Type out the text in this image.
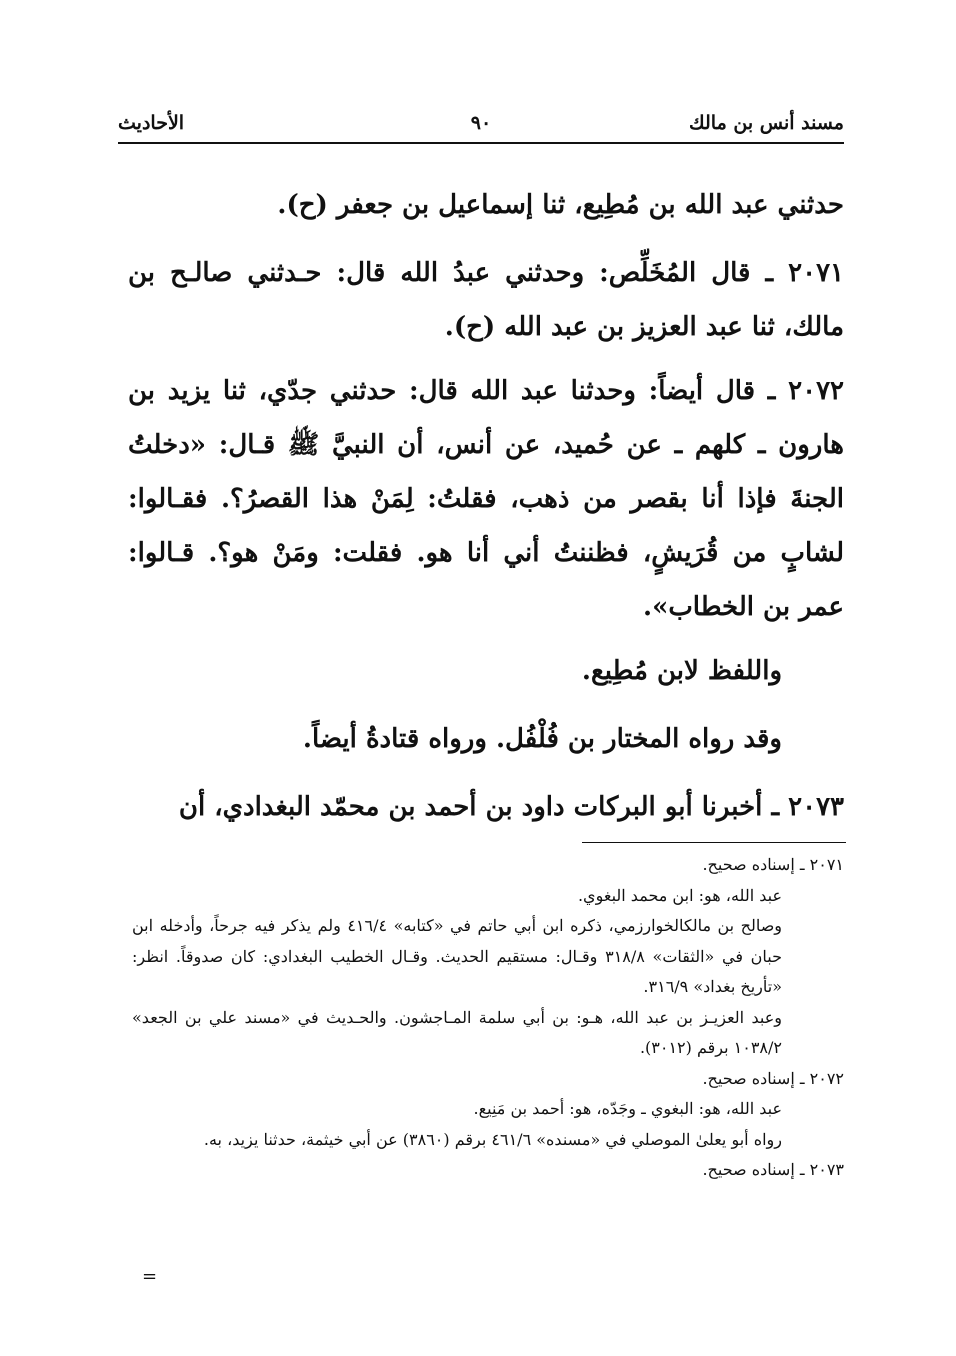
مسند أنس بن مالك
٩٠
الأحاديث

حدثني عبد الله بن مُطِيع، ثنا إسماعيل بن جعفر (ح).

٢٠٧١ ـ قال المُخَلِّص: وحدثني عبدُ الله قال: حـدثني صالـح بن مالك، ثنا عبد العزيز بن عبد الله (ح).

٢٠٧٢ ـ قال أيضاً: وحدثنا عبد الله قال: حدثني جدّي، ثنا يزيد بن هارون ـ كلهم ـ عن حُميد، عن أنس، أن النبيَّ ﷺ قـال: «دخلتُ الجنةَ فإذا أنا بقصر من ذهب، فقلتُ: لِمَنْ هذا القصرُ؟. فقـالوا: لشابٍ من قُرَيشٍ، فظننتُ أني أنا هو. فقلت: ومَنْ هو؟. قـالوا: عمر بن الخطاب».

واللفظ لابن مُطِيع.

وقد رواه المختار بن فُلْفُل. ورواه قتادةُ أيضاً.

٢٠٧٣ ـ أخبرنا أبو البركات داود بن أحمد بن محمّد البغدادي، أن

٢٠٧١ ـ إسناده صحيح.

عبد الله، هو: ابن محمد البغوي.

وصالح بن مالكالخوارزمي، ذكره ابن أبي حاتم في «كتابه» ٤١٦/٤ ولم يذكر فيه جرحاً، وأدخله ابن حبان في «الثقات» ٣١٨/٨ وقـال: مستقيم الحديث. وقـال الخطيب البغدادي: كان صدوقاً. انظر: «تأريخ بغداد» ٣١٦/٩.

وعبد العزيـز بن عبد الله، هـو: بن أبي سلمة المـاجشون. والحـديث في «مسند علي بن الجعد» ١٠٣٨/٢ برقم (٣٠١٢).

٢٠٧٢ ـ إسناده صحيح.

عبد الله، هو: البغوي ـ وجَدّه، هو: أحمد بن مَنِيع.

رواه أبو يعلىٰ الموصلي في «مسنده» ٤٦١/٦ برقم (٣٨٦٠) عن أبي خيثمة، حدثنا يزيد، به.

٢٠٧٣ ـ إسناده صحيح.

=
